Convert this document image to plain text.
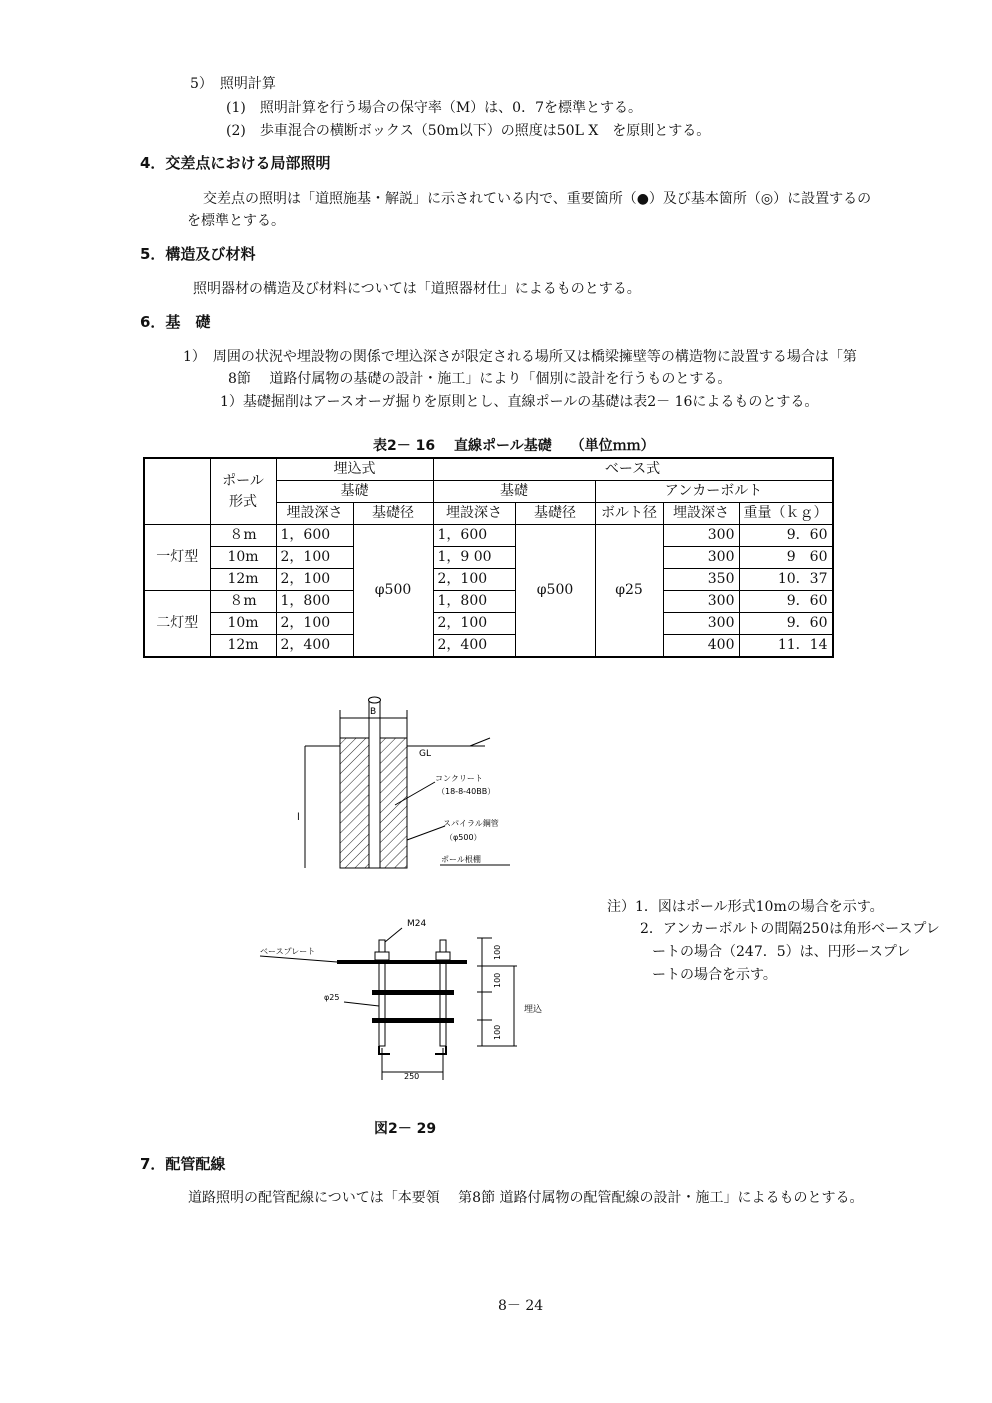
5）　照明計算
(1)　照明計算を行う場合の保守率（M）は、0．7を標準とする。
(2)　歩車混合の横断ボックス（50m以下）の照度は50L X　を原則とする。
4．交差点における局部照明
交差点の照明は「道照施基・解説」に示されている内で、重要箇所（●）及び基本箇所（◎）に設置するの
を標準とする。
5．構造及び材料
照明器材の構造及び材料については「道照器材仕」によるものとする。
6．基　礎
1）　周囲の状況や埋設物の関係で埋込深さが限定される場所又は橋梁擁壁等の構造物に設置する場合は「第
8節　 道路付属物の基礎の設計・施工」により「個別に設計を行うものとする。
1）基礎掘削はアースオーガ掘りを原則とし、直線ポールの基礎は表2－ 16によるものとする。
表2－ 16　 直線ポール基礎　 （単位ｍｍ）
	ポール
形式	埋込式		ベース式				
		基礎		基礎		アンカーボルト		
		埋設深さ	基礎径	埋設深さ	基礎径	ボルト径	埋設深さ	重量（ｋｇ）
一灯型	８m	1，600	φ500	1，600	φ500	φ25	300	9．60
	10m	2，100		1，9 00			300	9　60
	12m	2，100		2，100			350	10．37
二灯型	８m	1，800		1，800			300	9．60
	10m	2，100		2，100			300	9．60
	12m	2，400		2，400			400	11．14
B
l
GL
コンクリート
（18-8-40BB）
スパイラル鋼管
（φ500）
ポール根棚
M24
ベースプレート
φ25
100
100
100
埋込
250
注）1．図はポール形式10mの場合を示す。
2．アンカーボルトの間隔250は角形ベースプレ
ートの場合（247．5）は、円形ースプレ
ートの場合を示す。
図2－ 29
7．配管配線
道路照明の配管配線については「本要領　 第8節 道路付属物の配管配線の設計・施工」によるものとする。
8－ 24
